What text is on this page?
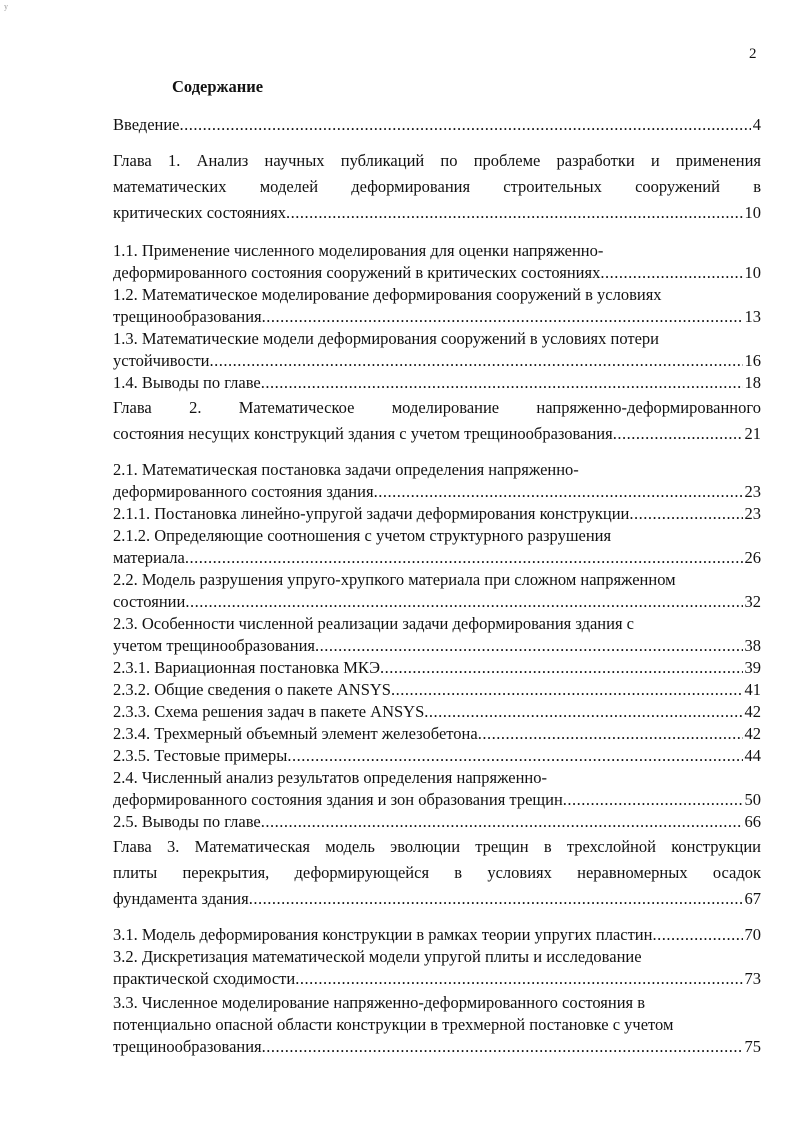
у
2
Содержание
Введение .....	4
Глава 1. Анализ научных публикаций по проблеме разработки и применения
математических моделей деформирования строительных сооружений в
критических состояниях .....	10
1.1. Применение численного моделирования для оценки напряженно-
деформированного состояния сооружений в критических состояниях .....	10
1.2. Математическое моделирование деформирования сооружений в условиях
трещинообразования .....	13
1.3. Математические модели деформирования сооружений в условиях потери
устойчивости .....	16
1.4. Выводы по главе .....	18
Глава 2. Математическое моделирование напряженно-деформированного
состояния несущих конструкций здания с учетом трещинообразования .....	21
2.1. Математическая постановка задачи определения напряженно-
деформированного состояния здания .....	23
2.1.1. Постановка линейно-упругой задачи деформирования конструкции .....	23
2.1.2. Определяющие соотношения с учетом структурного разрушения
материала .....	26
2.2. Модель разрушения упруго-хрупкого материала при сложном напряженном
состоянии .....	32
2.3. Особенности численной реализации задачи деформирования здания с
учетом трещинообразования .....	38
2.3.1. Вариационная постановка МКЭ .....	39
2.3.2. Общие сведения о пакете ANSYS .....	41
2.3.3. Схема решения задач в пакете ANSYS .....	42
2.3.4. Трехмерный объемный элемент железобетона .....	42
2.3.5. Тестовые примеры .....	44
2.4. Численный анализ результатов определения напряженно-
деформированного состояния здания и зон образования трещин .....	50
2.5. Выводы по главе .....	66
Глава 3. Математическая модель эволюции трещин в трехслойной конструкции
плиты перекрытия, деформирующейся в условиях неравномерных осадок
фундамента здания .....	67
3.1. Модель деформирования конструкции в рамках теории упругих пластин .....	70
3.2. Дискретизация математической модели упругой плиты и исследование
практической сходимости .....	73
3.3. Численное моделирование напряженно-деформированного состояния в
потенциально опасной области конструкции в трехмерной постановке с учетом
трещинообразования .....	75
